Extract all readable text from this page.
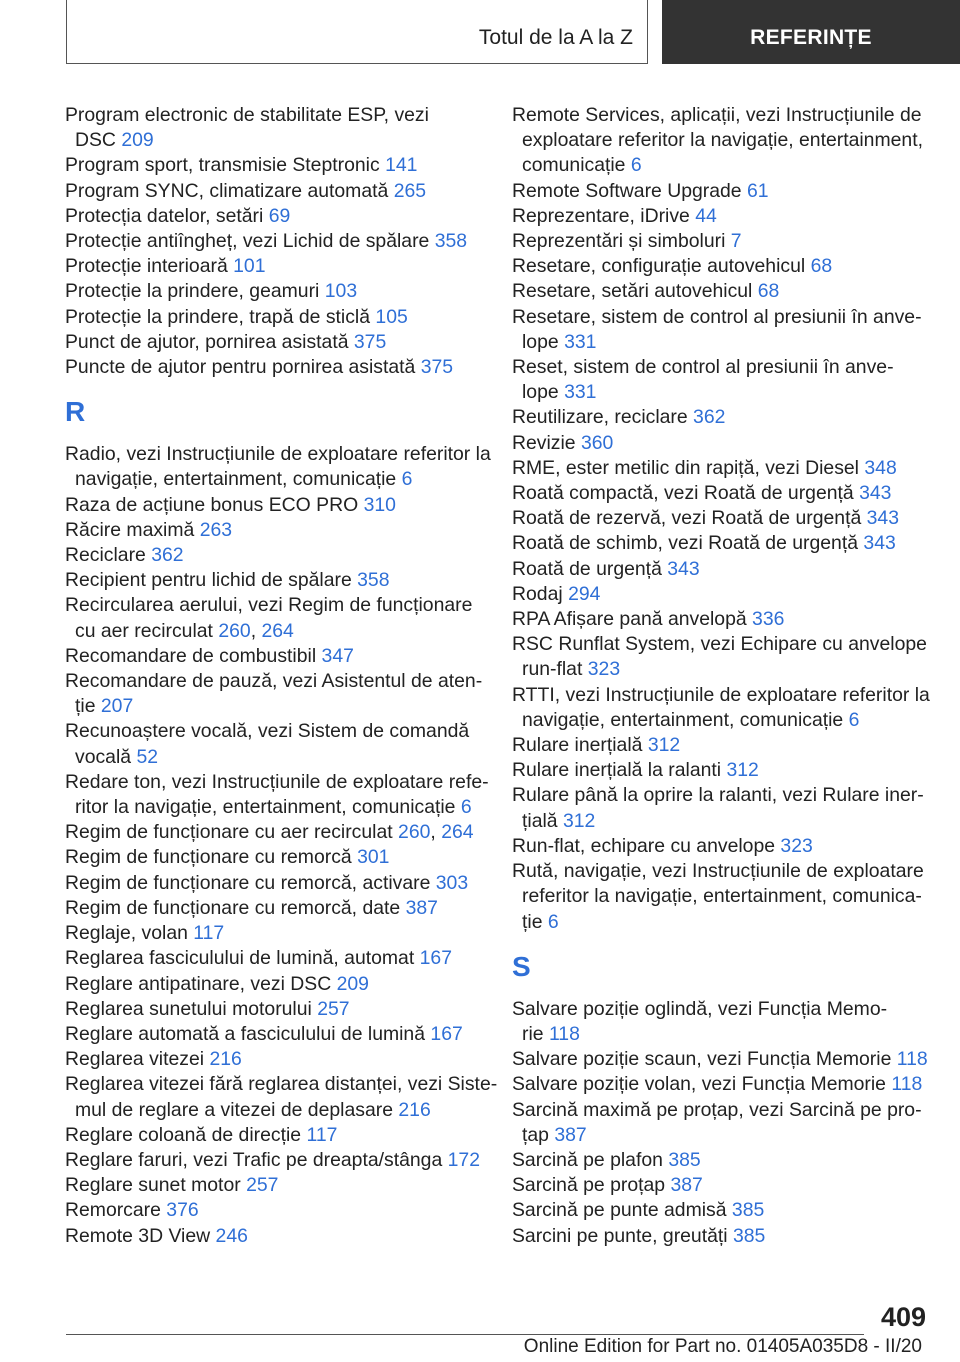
Totul de la A la Z	REFERINȚE
Program electronic de stabilitate ESP, vezi
DSC 209
Program sport, transmisie Steptronic 141
Program SYNC, climatizare automată 265
Protecția datelor, setări 69
Protecție antiîngheț, vezi Lichid de spălare 358
Protecție interioară 101
Protecție la prindere, geamuri 103
Protecție la prindere, trapă de sticlă 105
Punct de ajutor, pornirea asistată 375
Puncte de ajutor pentru pornirea asistată 375
R
Radio, vezi Instrucțiunile de exploatare referitor la
navigație, entertainment, comunicație 6
Raza de acțiune bonus ECO PRO 310
Răcire maximă 263
Reciclare 362
Recipient pentru lichid de spălare 358
Recircularea aerului, vezi Regim de funcționare
cu aer recirculat 260, 264
Recomandare de combustibil 347
Recomandare de pauză, vezi Asistentul de aten-
ție 207
Recunoaștere vocală, vezi Sistem de comandă
vocală 52
Redare ton, vezi Instrucțiunile de exploatare refe-
ritor la navigație, entertainment, comunicație 6
Regim de funcționare cu aer recirculat 260, 264
Regim de funcționare cu remorcă 301
Regim de funcționare cu remorcă, activare 303
Regim de funcționare cu remorcă, date 387
Reglaje, volan 117
Reglarea fasciculului de lumină, automat 167
Reglare antipatinare, vezi DSC 209
Reglarea sunetului motorului 257
Reglare automată a fasciculului de lumină 167
Reglarea vitezei 216
Reglarea vitezei fără reglarea distanței, vezi Siste-
mul de reglare a vitezei de deplasare 216
Reglare coloană de direcție 117
Reglare faruri, vezi Trafic pe dreapta/stânga 172
Reglare sunet motor 257
Remorcare 376
Remote 3D View 246
Remote Services, aplicații, vezi Instrucțiunile de
exploatare referitor la navigație, entertainment,
comunicație 6
Remote Software Upgrade 61
Reprezentare, iDrive 44
Reprezentări și simboluri 7
Resetare, configurație autovehicul 68
Resetare, setări autovehicul 68
Resetare, sistem de control al presiunii în anve-
lope 331
Reset, sistem de control al presiunii în anve-
lope 331
Reutilizare, reciclare 362
Revizie 360
RME, ester metilic din rapiță, vezi Diesel 348
Roată compactă, vezi Roată de urgență 343
Roată de rezervă, vezi Roată de urgență 343
Roată de schimb, vezi Roată de urgență 343
Roată de urgență 343
Rodaj 294
RPA Afișare pană anvelopă 336
RSC Runflat System, vezi Echipare cu anvelope
run-flat 323
RTTI, vezi Instrucțiunile de exploatare referitor la
navigație, entertainment, comunicație 6
Rulare inerțială 312
Rulare inerțială la ralanti 312
Rulare până la oprire la ralanti, vezi Rulare iner-
țială 312
Run-flat, echipare cu anvelope 323
Rută, navigație, vezi Instrucțiunile de exploatare
referitor la navigație, entertainment, comunica-
ție 6
S
Salvare poziție oglindă, vezi Funcția Memo-
rie 118
Salvare poziție scaun, vezi Funcția Memorie 118
Salvare poziție volan, vezi Funcția Memorie 118
Sarcină maximă pe proțap, vezi Sarcină pe pro-
țap 387
Sarcină pe plafon 385
Sarcină pe proțap 387
Sarcină pe punte admisă 385
Sarcini pe punte, greutăți 385
409
Online Edition for Part no. 01405A035D8 - II/20
